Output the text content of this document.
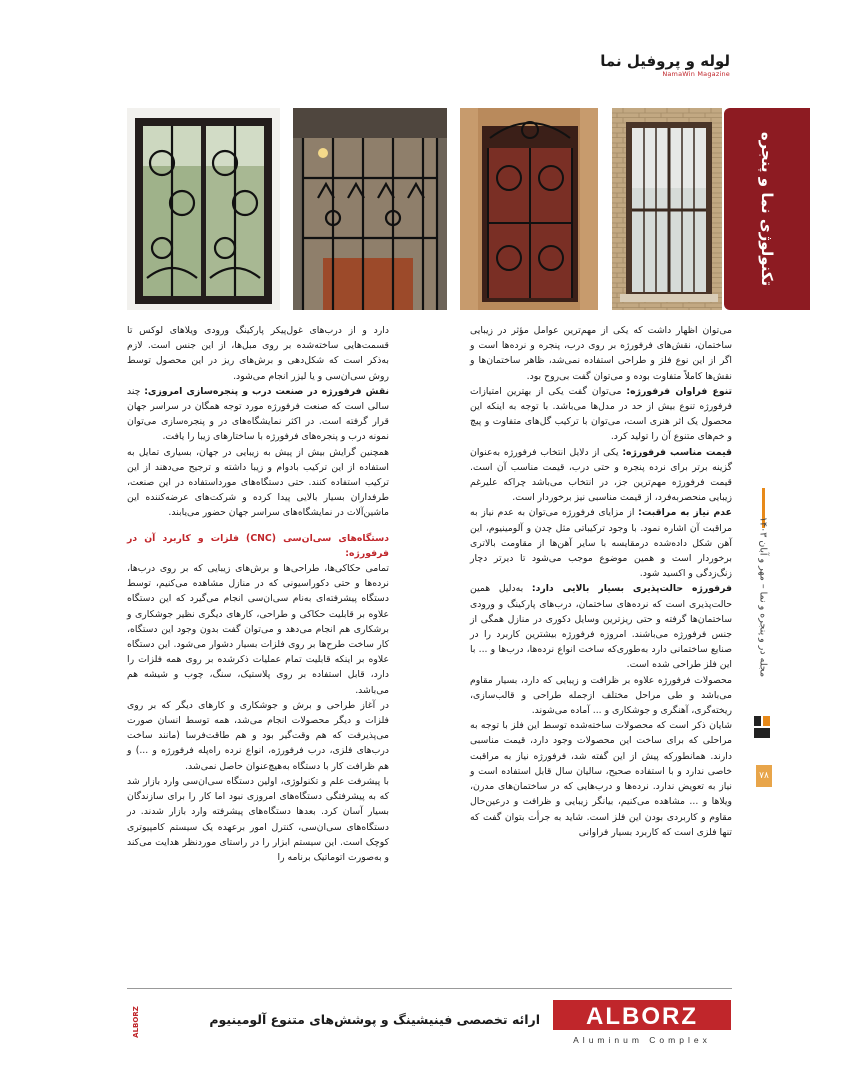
لوله و پروفیل نما
NamaWin Magazine
تکنولوژی نما و پنجره

می‌توان اظهار داشت که یکی از مهم‌ترین عوامل مؤثر در زیبایی ساختمان، نقش‌های فرفورژه بر روی درب، پنجره و نرده‌ها است و اگر از این نوع فلز و طراحی استفاده نمی‌شد، ظاهر ساختمان‌ها و نقش‌ها کاملاً متفاوت بوده و می‌توان گفت بی‌روح بود.

تنوع فراوان فرفورژه: می‌توان گفت یکی از بهترین امتیازات فرفورژه تنوع بیش از حد در مدل‌ها می‌باشد. با توجه به اینکه این محصول یک اثر هنری است، می‌توان با ترکیب گل‌های متفاوت و پیچ و خم‌های متنوع آن را تولید کرد.

قیمت مناسب فرفورژه: یکی از دلایل انتخاب فرفورژه به‌عنوان گزینه برتر برای نرده پنجره و حتی درب، قیمت مناسب آن است. قیمت فرفورژه مهم‌ترین جز، در انتخاب می‌باشد چراکه علیرغم زیبایی منحصربه‌فرد، از قیمت مناسبی نیز برخوردار است.

عدم نیاز به مراقبت: از مزایای فرفورژه می‌توان به عدم نیاز به مراقبت آن اشاره نمود. با وجود ترکیباتی مثل چدن و آلومینیوم، این آهن شکل داده‌شده درمقایسه با سایر آهن‌ها از مقاومت بالاتری برخوردار است و همین موضوع موجب می‌شود تا دیرتر دچار زنگ‌زدگی و اکسید شود.

فرفورژه حالت‌پذیری بسیار بالایی دارد: به‌دلیل همین حالت‌پذیری است که نرده‌های ساختمان، درب‌های پارکینگ و ورودی ساختمان‌ها گرفته و حتی ریزترین وسایل دکوری در منازل همگی از جنس فرفورژه می‌باشند. امروزه فرفورژه بیشترین کاربرد را در صنایع ساختمانی دارد به‌طوری‌که ساخت انواع نرده‌ها، درب‌ها و ... با این فلز طراحی شده است.

محصولات فرفورژه علاوه بر ظرافت و زیبایی که دارد، بسیار مقاوم می‌باشد و طی مراحل مختلف ازجمله طراحی و قالب‌سازی، ریخته‌گری، آهنگری و جوشکاری و ... آماده می‌شوند.

شایان ذکر است که محصولات ساخته‌شده توسط این فلز با توجه به مراحلی که برای ساخت این محصولات وجود دارد، قیمت مناسبی دارند. همانطورکه پیش از این گفته شد، فرفورژه نیاز به مراقبت خاصی ندارد و با استفاده صحیح، سالیان سال قابل استفاده است و نیاز به تعویض ندارد. نرده‌ها و درب‌هایی که در ساختمان‌های مدرن، ویلاها و ... مشاهده می‌کنیم، بیانگر زیبایی و ظرافت و درعین‌حال مقاوم و کاربردی بودن این فلز است. شاید به جرأت بتوان گفت که تنها فلزی است که کاربرد بسیار فراوانی

دارد و از درب‌های غول‌پیکر پارکینگ ورودی ویلاهای لوکس تا قسمت‌هایی ساخته‌شده بر روی مبل‌ها، از این جنس است. لازم به‌ذکر است که شکل‌دهی و برش‌های ریز در این محصول توسط روش سی‌ان‌سی و یا لیزر انجام می‌شود.

نقش فرفورژه در صنعت درب و پنجره‌سازی امروزی: چند سالی است که صنعت فرفورژه مورد توجه همگان در سراسر جهان قرار گرفته است. در اکثر نمایشگاه‌های در و پنجره‌سازی می‌توان نمونه درب و پنجره‌های فرفورژه با ساختارهای زیبا را یافت.

همچنین گرایش بیش از پیش به زیبایی در جهان، بسیاری تمایل به استفاده از این ترکیب بادوام و زیبا داشته و ترجیح می‌دهند از این ترکیب استفاده کنند. حتی دستگاه‌های مورد‌استفاده در این صنعت، طرفداران بسیار بالایی پیدا کرده و شرکت‌های عرضه‌کننده این ماشین‌آلات در نمایشگاه‌های سراسر جهان حضور می‌یابند.

دستگاه‌های سی‌ان‌سی (CNC) فلزات و کاربرد آن در فرفورژه:

تمامی حکاکی‌ها، طراحی‌ها و برش‌های زیبایی که بر روی درب‌ها، نرده‌ها و حتی دکوراسیونی که در منازل مشاهده می‌کنیم، توسط دستگاه پیشرفته‌ای به‌نام سی‌ان‌سی انجام می‌گیرد که این دستگاه علاوه بر قابلیت حکاکی و طراحی، کارهای دیگری نظیر جوشکاری و برشکاری هم انجام می‌دهد و می‌توان گفت بدون وجود این دستگاه، کار ساخت طرح‌ها بر روی فلزات بسیار دشوار می‌شود. این دستگاه علاوه بر اینکه قابلیت تمام عملیات ذکرشده بر روی همه فلزات را دارد، قابل استفاده بر روی پلاستیک، سنگ، چوب و شیشه هم می‌باشد.

در آغاز طراحی و برش و جوشکاری و کارهای دیگر که بر روی فلزات و دیگر محصولات انجام می‌شد، همه توسط انسان صورت می‌پذیرفت که هم وقت‌گیر بود و هم طاقت‌فرسا (مانند ساخت درب‌های فلزی، درب فرفورژه، انواع نرده راه‌پله فرفورژه و ...) و هم ظرافت کار با دستگاه به‌هیچ‌عنوان حاصل نمی‌شد.

با پیشرفت علم و تکنولوژی، اولین دستگاه سی‌ان‌سی وارد بازار شد که به پیشرفتگی دستگاه‌های امروزی نبود اما کار را برای سازندگان بسیار آسان کرد. بعدها دستگاه‌های پیشرفته وارد بازار شدند. در دستگاه‌های سی‌ان‌سی، کنترل امور برعهده یک سیستم کامپیوتری کوچک است. این سیستم ابزار را در راستای مورد‌نظر هدایت می‌کند و به‌صورت اتوماتیک برنامه را

مجله در و پنجره و نما – مهر و آبان ۱۴۰۳
۷۸
ALBORZ	ارائه تخصصی فینیشینگ و پوشش‌های متنوع آلومینیوم ALBORZ
Aluminum Complex
